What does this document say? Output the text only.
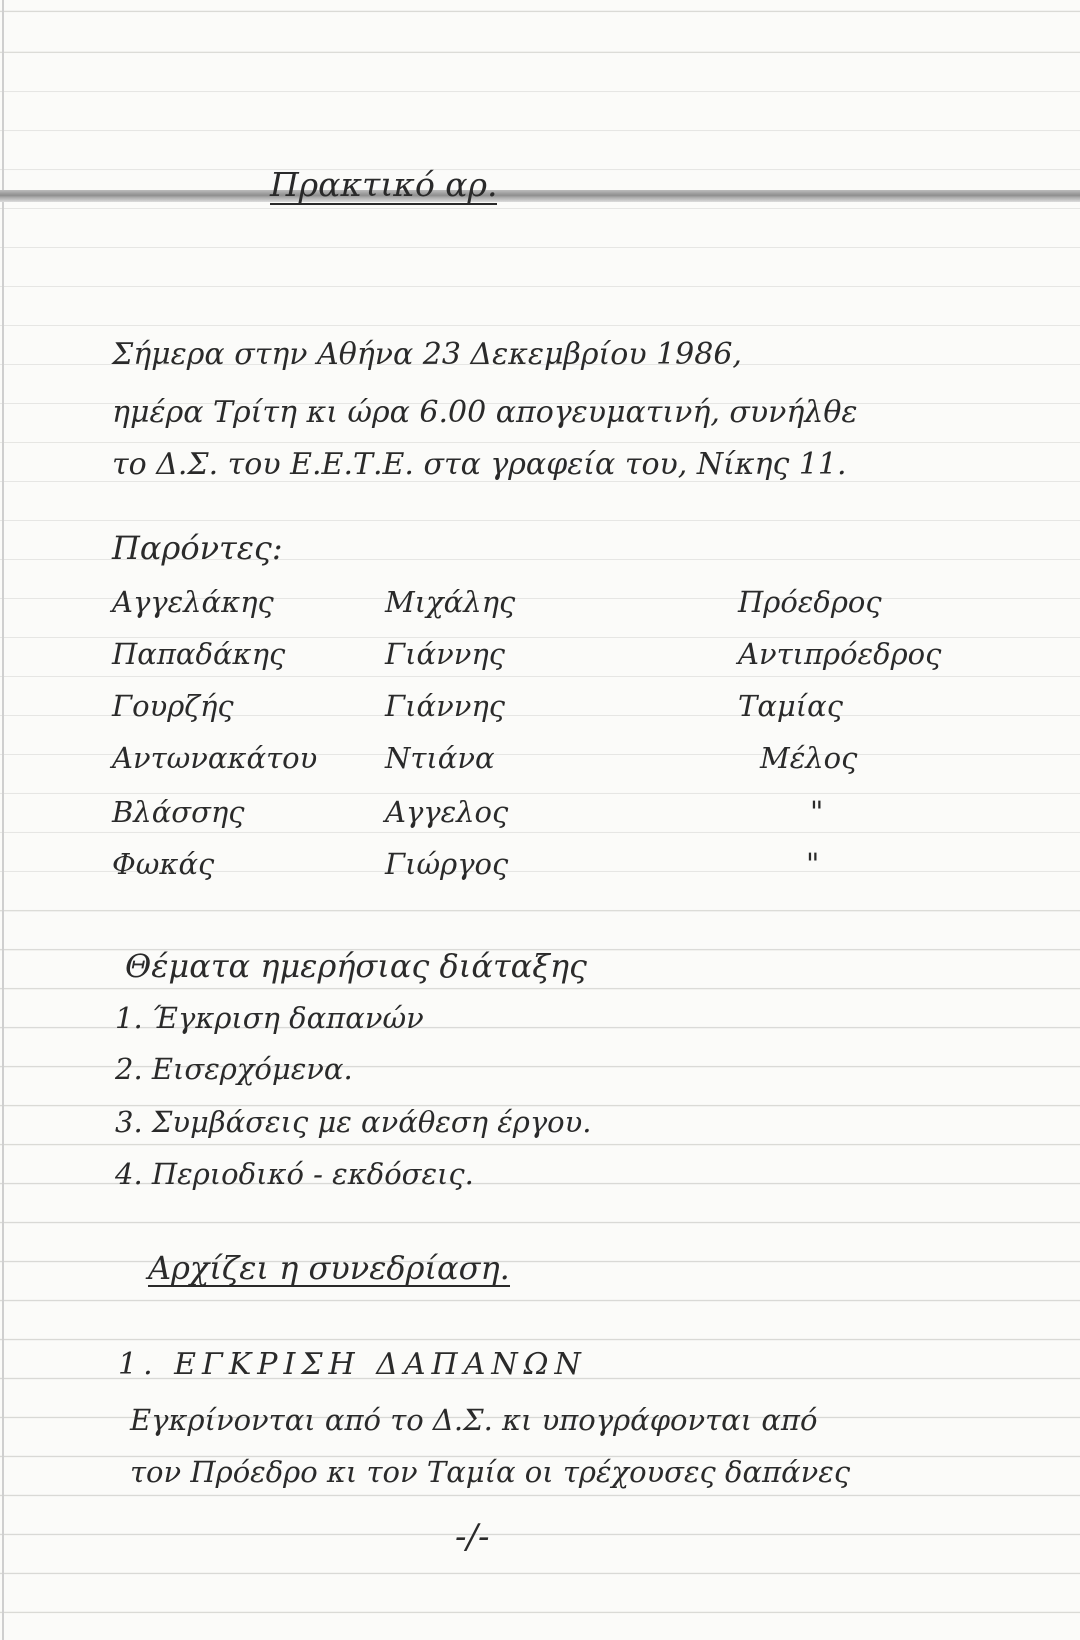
Πρακτικό αρ.

Σήμερα στην Αθήνα 23 Δεκεμβρίου 1986,

ημέρα Τρίτη κι ώρα 6.00 απογευματινή, συνήλθε

το Δ.Σ. του Ε.Ε.Τ.Ε. στα γραφεία του, Νίκης 11.

Παρόντες:
Αγγελάκης	Μιχάλης	Πρόεδρος
Παπαδάκης	Γιάννης	Αντιπρόεδρος
Γουρζής	Γιάννης	Ταμίας
Αντωνακάτου Ντιάνα	Μέλος
Βλάσσης	Αγγελος	"
Φωκάς	Γιώργος	"
Θέματα ημερήσιας διάταξης

1. Έγκριση δαπανών

2. Εισερχόμενα.

3. Συμβάσεις με ανάθεση έργου.

4. Περιοδικό - εκδόσεις.

Αρχίζει η συνεδρίαση.
1. ΕΓΚΡΙΣΗ ΔΑΠΑΝΩΝ

Εγκρίνονται από το Δ.Σ. κι υπογράφονται από

τον Πρόεδρο κι τον Ταμία οι τρέχουσες δαπάνες

-/-
